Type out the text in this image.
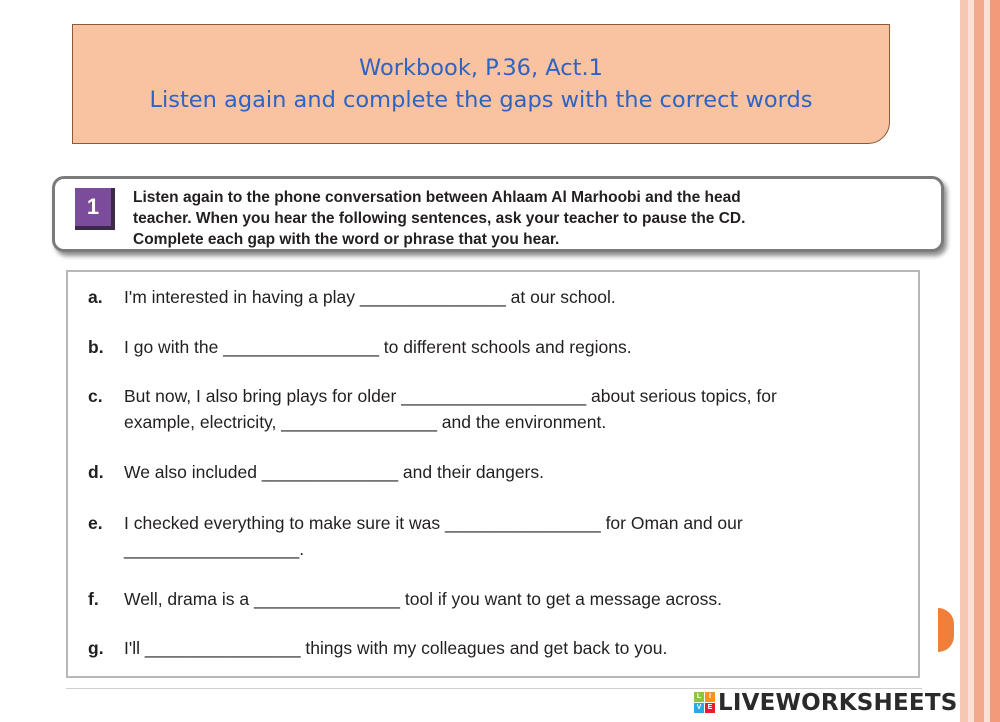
Workbook, P.36, Act.1
Listen again and complete the gaps with the correct words
1	Listen again to the phone conversation between Ahlaam Al Marhoobi and the head
teacher. When you hear the following sentences, ask your teacher to pause the CD.
Complete each gap with the word or phrase that you hear.
a. I'm interested in having a play _______________ at our school.
b. I go with the ________________ to different schools and regions.
c. But now, I also bring plays for older ___________________ about serious topics, for
example, electricity, ________________ and the environment.
d. We also included ______________ and their dangers.
e. I checked everything to make sure it was ________________ for Oman and our
__________________.
f. Well, drama is a _______________ tool if you want to get a message across.
g. I'll ________________ things with my colleagues and get back to you.
L	I
V E LIVEWORKSHEETS
